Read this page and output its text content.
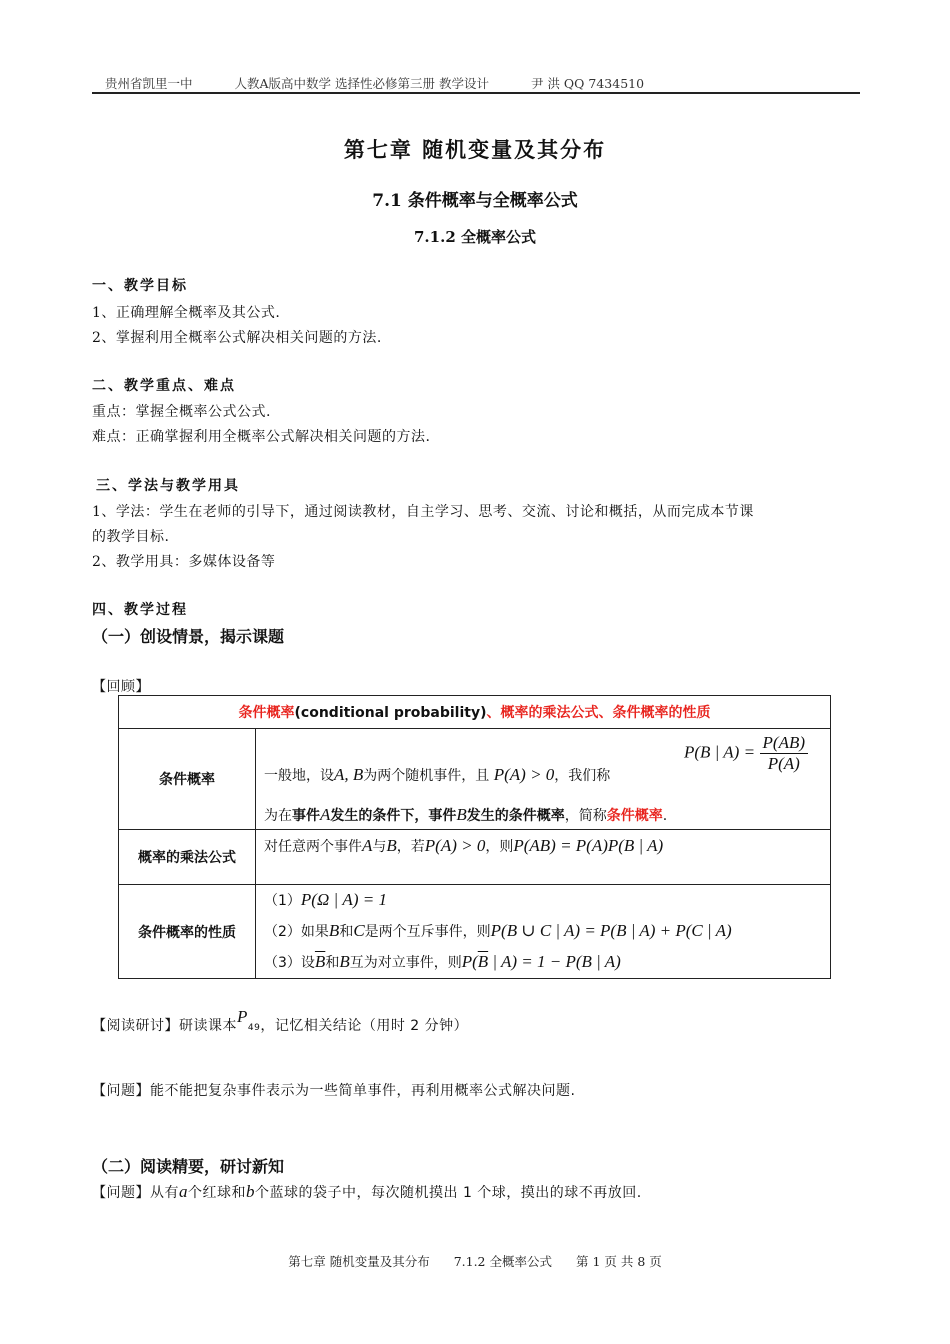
贵州省凯里一中	人教A版高中数学 选择性必修第三册 教学设计	尹 洪 QQ 7434510
第七章 随机变量及其分布
7.1 条件概率与全概率公式
7.1.2 全概率公式
一、教学目标
1、正确理解全概率及其公式.
2、掌握利用全概率公式解决相关问题的方法.
二、教学重点、难点
重点：掌握全概率公式公式.
难点：正确掌握利用全概率公式解决相关问题的方法.
三、学法与教学用具
1、学法：学生在老师的引导下，通过阅读教材，自主学习、思考、交流、讨论和概括，从而完成本节课
的教学目标.
2、教学用具：多媒体设备等
四、教学过程
（一）创设情景，揭示课题
【回顾】
条件概率(conditional probability)、概率的乘法公式、条件概率的性质	
条件概率	P(B | $A) = \frac{P(AB)}{P(A)}$
一般地，设A, B为两个随机事件，且 P(A) > 0，我们称
为在事件A发生的条件下，事件B发生的条件概率，简称条件概率.

概率的乘法公式	对任意两个事件A与B，若P(A) > 0，则P(AB) = P(A)P(B | A)
条件概率的性质	（1）P(Ω | A) = 1
（2）如果B和C是两个互斥事件，则P(B ∪ C | A) = P(B | A) + P(C | A)
（3）设$\overline{B}$和B互为对立事件，则$P(\overline{B}$ | A) = 1 − P(B | A)
【阅读研讨】研读课本P49，记忆相关结论（用时 2 分钟）
【问题】能不能把复杂事件表示为一些简单事件，再利用概率公式解决问题.
（二）阅读精要，研讨新知
【问题】从有a个红球和b个蓝球的袋子中，每次随机摸出 1 个球，摸出的球不再放回.
第七章 随机变量及其分布 7.1.2 全概率公式 第 1 页 共 8 页
